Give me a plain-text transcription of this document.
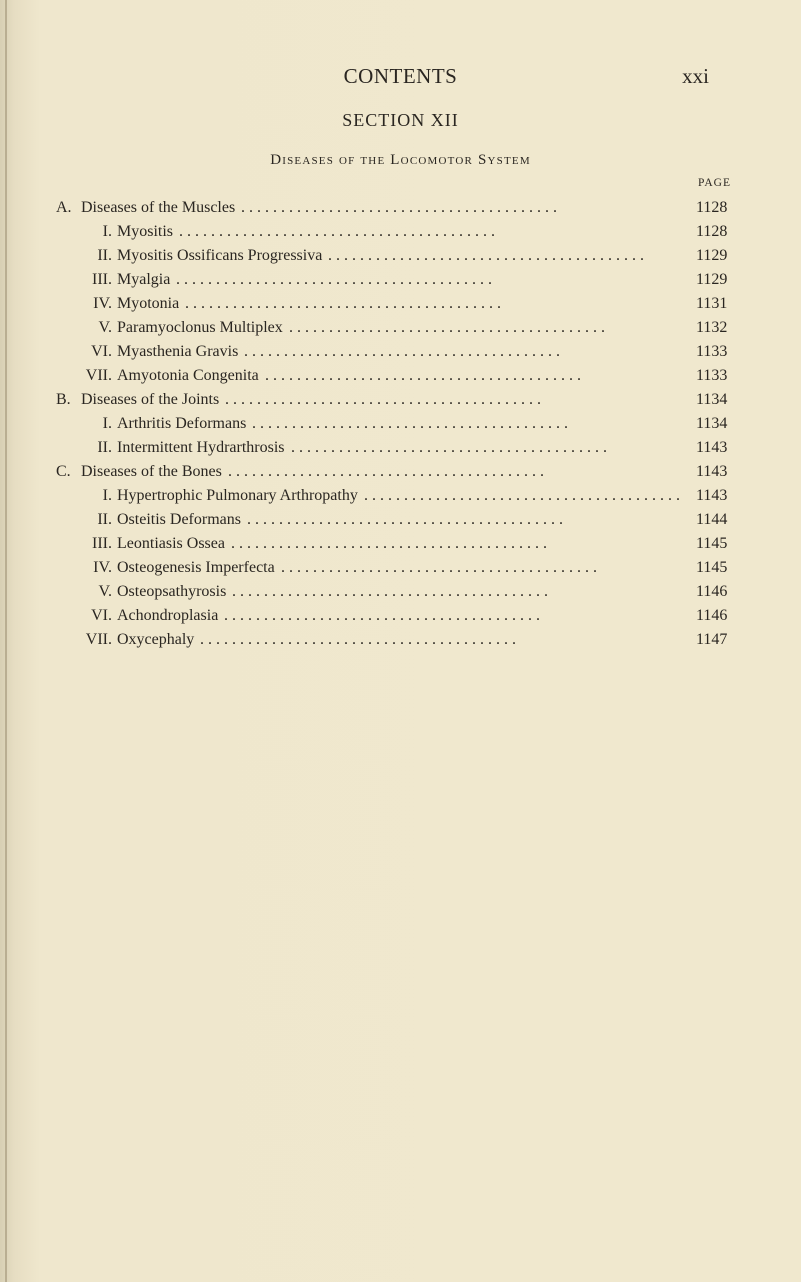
CONTENTS	xxi
SECTION XII
Diseases of the Locomotor System
PAGE
A. Diseases of the Muscles	1128
. . . . . . . . . . . . . . . . . . . . . . . . . . . . . . . . . . . . . . . .
I. Myositis	1128
. . . . . . . . . . . . . . . . . . . . . . . . . . . . . . . . . . . . . . . .
II. Myositis Ossificans Progressiva	1129
. . . . . . . . . . . . . . . . . . . . . . . . . . . . . . . . . . . . . . . .
III. Myalgia	1129
. . . . . . . . . . . . . . . . . . . . . . . . . . . . . . . . . . . . . . . .
IV. Myotonia	1131
. . . . . . . . . . . . . . . . . . . . . . . . . . . . . . . . . . . . . . . .
V. Paramyoclonus Multiplex	1132
. . . . . . . . . . . . . . . . . . . . . . . . . . . . . . . . . . . . . . . .
VI. Myasthenia Gravis	1133
. . . . . . . . . . . . . . . . . . . . . . . . . . . . . . . . . . . . . . . .
VII. Amyotonia Congenita	1133
. . . . . . . . . . . . . . . . . . . . . . . . . . . . . . . . . . . . . . . .
B. Diseases of the Joints	1134
. . . . . . . . . . . . . . . . . . . . . . . . . . . . . . . . . . . . . . . .
I. Arthritis Deformans	1134
. . . . . . . . . . . . . . . . . . . . . . . . . . . . . . . . . . . . . . . .
II. Intermittent Hydrarthrosis	1143
. . . . . . . . . . . . . . . . . . . . . . . . . . . . . . . . . . . . . . . .
C. Diseases of the Bones	1143
. . . . . . . . . . . . . . . . . . . . . . . . . . . . . . . . . . . . . . . .
I. Hypertrophic Pulmonary Arthropathy	1143
. . . . . . . . . . . . . . . . . . . . . . . . . . . . . . . . . . . . . . . .
II. Osteitis Deformans	1144
. . . . . . . . . . . . . . . . . . . . . . . . . . . . . . . . . . . . . . . .
III. Leontiasis Ossea	1145
. . . . . . . . . . . . . . . . . . . . . . . . . . . . . . . . . . . . . . . .
IV. Osteogenesis Imperfecta	1145
. . . . . . . . . . . . . . . . . . . . . . . . . . . . . . . . . . . . . . . .
V. Osteopsathyrosis	1146
. . . . . . . . . . . . . . . . . . . . . . . . . . . . . . . . . . . . . . . .
VI. Achondroplasia	1146
. . . . . . . . . . . . . . . . . . . . . . . . . . . . . . . . . . . . . . . .
VII. Oxycephaly	1147
. . . . . . . . . . . . . . . . . . . . . . . . . . . . . . . . . . . . . . . .
